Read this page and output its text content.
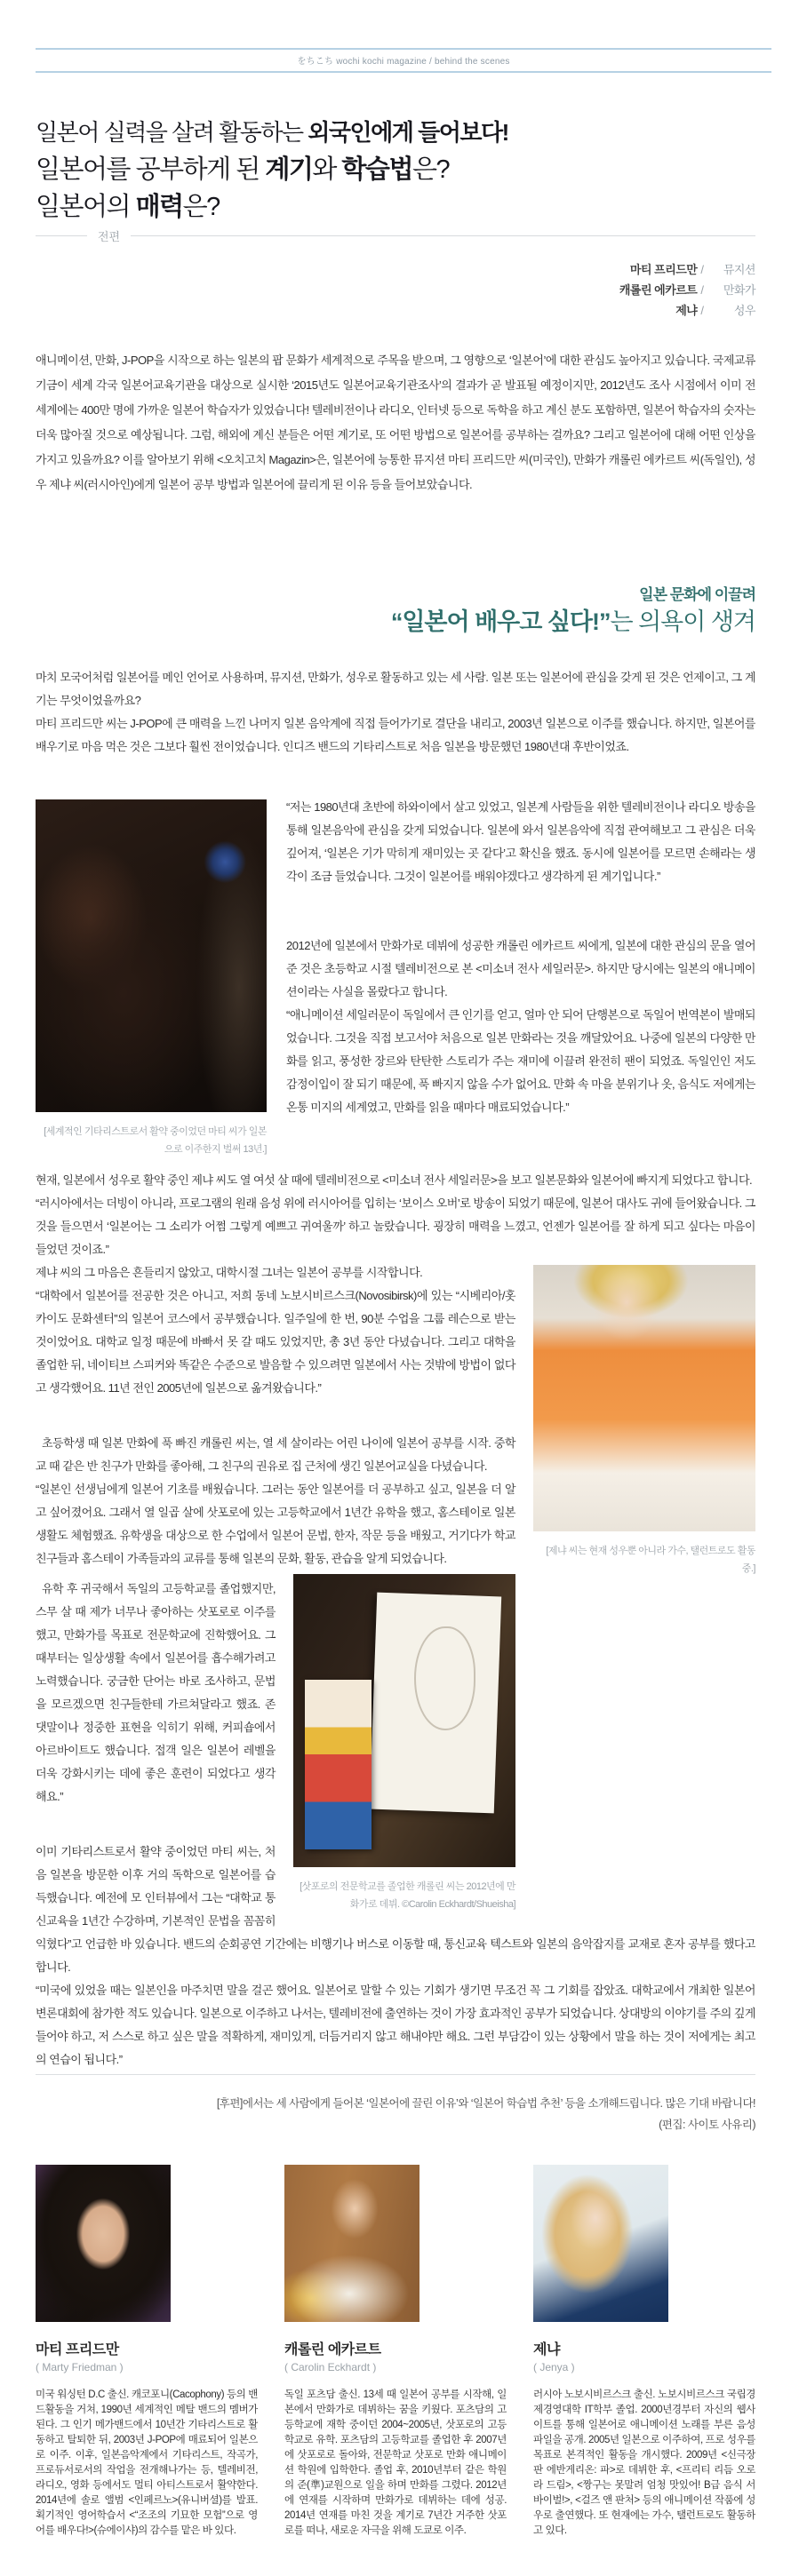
をちこち wochi kochi magazine / behind the scenes
일본어 실력을 살려 활동하는 외국인에게 들어보다!
일본어를 공부하게 된 계기와 학습법은?
일본어의 매력은?
전편
마티 프리드만 / 뮤지션
캐롤린 에카르트 / 만화가
제냐 /	성우
애니메이션, 만화, J-POP을 시작으로 하는 일본의 팝 문화가 세계적으로 주목을 받으며, 그 영향으로 ‘일본어’에 대한 관심도 높아지고 있습니다. 국제교류기금이 세계 각국 일본어교육기관을 대상으로 실시한 ‘2015년도 일본어교육기관조사’의 결과가 곧 발표될 예정이지만, 2012년도 조사 시점에서 이미 전 세계에는 400만 명에 가까운 일본어 학습자가 있었습니다! 텔레비전이나 라디오, 인터넷 등으로 독학을 하고 계신 분도 포함하면, 일본어 학습자의 숫자는 더욱 많아질 것으로 예상됩니다. 그럼, 해외에 계신 분들은 어떤 계기로, 또 어떤 방법으로 일본어를 공부하는 걸까요? 그리고 일본어에 대해 어떤 인상을 가지고 있을까요? 이를 알아보기 위해 <오치고치 Magazin>은, 일본어에 능통한 뮤지션 마티 프리드만 씨(미국인), 만화가 캐롤린 에카르트 씨(독일인), 성우 제냐 씨(러시아인)에게 일본어 공부 방법과 일본어에 끌리게 된 이유 등을 들어보았습니다.
일본 문화에 이끌려
“일본어 배우고 싶다!”는 의욕이 생겨

마치 모국어처럼 일본어를 메인 언어로 사용하며, 뮤지션, 만화가, 성우로 활동하고 있는 세 사람. 일본 또는 일본어에 관심을 갖게 된 것은 언제이고, 그 계기는 무엇이었을까요?

마티 프리드만 씨는 J-POP에 큰 매력을 느낀 나머지 일본 음악계에 직접 들어가기로 결단을 내리고, 2003년 일본으로 이주를 했습니다. 하지만, 일본어를 배우기로 마음 먹은 것은 그보다 훨씬 전이었습니다. 인디즈 밴드의 기타리스트로 처음 일본을 방문했던 1980년대 후반이었죠.

[세계적인 기타리스트로서 활약 중이었던 마티 씨가 일본으로 이주한지 벌써 13년.]

“저는 1980년대 초반에 하와이에서 살고 있었고, 일본계 사람들을 위한 텔레비전이나 라디오 방송을 통해 일본음악에 관심을 갖게 되었습니다. 일본에 와서 일본음악에 직접 관여해보고 그 관심은 더욱 깊어져, ‘일본은 기가 막히게 재미있는 곳 같다’고 확신을 했죠. 동시에 일본어를 모르면 손해라는 생각이 조금 들었습니다. 그것이 일본어를 배워야겠다고 생각하게 된 계기입니다.”

2012년에 일본에서 만화가로 데뷔에 성공한 캐롤린 에카르트 씨에게, 일본에 대한 관심의 문을 열어준 것은 초등학교 시절 텔레비전으로 본 <미소녀 전사 세일러문>. 하지만 당시에는 일본의 애니메이션이라는 사실을 몰랐다고 합니다.

“애니메이션 세일러문이 독일에서 큰 인기를 얻고, 얼마 안 되어 단행본으로 독일어 번역본이 발매되었습니다. 그것을 직접 보고서야 처음으로 일본 만화라는 것을 깨달았어요. 나중에 일본의 다양한 만화를 읽고, 풍성한 장르와 탄탄한 스토리가 주는 재미에 이끌려 완전히 팬이 되었죠. 독일인인 저도 감정이입이 잘 되기 때문에, 푹 빠지지 않을 수가 없어요. 만화 속 마을 분위기나 옷, 음식도 저에게는 온통 미지의 세계였고, 만화를 읽을 때마다 매료되었습니다.”

현재, 일본에서 성우로 활약 중인 제냐 씨도 열 여섯 살 때에 텔레비전으로 <미소녀 전사 세일러문>을 보고 일본문화와 일본어에 빠지게 되었다고 합니다.

“러시아에서는 더빙이 아니라, 프로그램의 원래 음성 위에 러시아어를 입히는 ‘보이스 오버’로 방송이 되었기 때문에, 일본어 대사도 귀에 들어왔습니다. 그것을 들으면서 ‘일본어는 그 소리가 어쩜 그렇게 예쁘고 귀여울까’ 하고 놀랐습니다. 굉장히 매력을 느꼈고, 언젠가 일본어를 잘 하게 되고 싶다는 마음이 들었던 것이죠.”

[제냐 씨는 현재 성우뿐 아니라 가수, 탤런트로도 활동 중.]

제냐 씨의 그 마음은 흔들리지 않았고, 대학시절 그녀는 일본어 공부를 시작합니다.

“대학에서 일본어를 전공한 것은 아니고, 저희 동네 노보시비르스크(Novosibirsk)에 있는 “시베리아/홋카이도 문화센터”의 일본어 코스에서 공부했습니다. 일주일에 한 번, 90분 수업을 그룹 레슨으로 받는 것이었어요. 대학교 일정 때문에 바빠서 못 갈 때도 있었지만, 총 3년 동안 다녔습니다. 그리고 대학을 졸업한 뒤, 네이티브 스피커와 똑같은 수준으로 발음할 수 있으려면 일본에서 사는 것밖에 방법이 없다고 생각했어요. 11년 전인 2005년에 일본으로 옮겨왔습니다.”

초등학생 때 일본 만화에 푹 빠진 캐롤린 씨는, 열 세 살이라는 어린 나이에 일본어 공부를 시작. 중학교 때 같은 반 친구가 만화를 좋아해, 그 친구의 권유로 집 근처에 생긴 일본어교실을 다녔습니다.

“일본인 선생님에게 일본어 기초를 배웠습니다. 그러는 동안 일본어를 더 공부하고 싶고, 일본을 더 알고 싶어졌어요. 그래서 열 일곱 살에 삿포로에 있는 고등학교에서 1년간 유학을 했고, 홈스테이로 일본생활도 체험했죠. 유학생을 대상으로 한 수업에서 일본어 문법, 한자, 작문 등을 배웠고, 거기다가 학교 친구들과 홈스테이 가족들과의 교류를 통해 일본의 문화, 활동, 관습을 알게 되었습니다.

[삿포로의 전문학교를 졸업한 캐롤린 씨는 2012년에 만화가로 데뷔. ©Carolin Eckhardt/Shueisha]

유학 후 귀국해서 독일의 고등학교를 졸업했지만, 스무 살 때 제가 너무나 좋아하는 삿포로로 이주를 했고, 만화가를 목표로 전문학교에 진학했어요. 그때부터는 일상생활 속에서 일본어를 흡수해가려고 노력했습니다. 궁금한 단어는 바로 조사하고, 문법을 모르겠으면 친구들한테 가르쳐달라고 했죠. 존댓말이나 정중한 표현을 익히기 위해, 커피숍에서 아르바이트도 했습니다. 접객 일은 일본어 레벨을 더욱 강화시키는 데에 좋은 훈련이 되었다고 생각해요.”

이미 기타리스트로서 활약 중이었던 마티 씨는, 처음 일본을 방문한 이후 거의 독학으로 일본어를 습득했습니다. 예전에 모 인터뷰에서 그는 “대학교 통신교육을 1년간 수강하며, 기본적인 문법을 꼼꼼히 익혔다”고 언급한 바 있습니다. 밴드의 순회공연 기간에는 비행기나 버스로 이동할 때, 통신교육 텍스트와 일본의 음악잡지를 교재로 혼자 공부를 했다고 합니다.

“미국에 있었을 때는 일본인을 마주치면 말을 걸곤 했어요. 일본어로 말할 수 있는 기회가 생기면 무조건 꼭 그 기회를 잡았죠. 대학교에서 개최한 일본어 변론대회에 참가한 적도 있습니다. 일본으로 이주하고 나서는, 텔레비전에 출연하는 것이 가장 효과적인 공부가 되었습니다. 상대방의 이야기를 주의 깊게 들어야 하고, 저 스스로 하고 싶은 말을 적확하게, 재미있게, 더듬거리지 않고 해내야만 해요. 그런 부담감이 있는 상황에서 말을 하는 것이 저에게는 최고의 연습이 됩니다.”

[후편]에서는 세 사람에게 들어본 ‘일본어에 끌린 이유’와 ‘일본어 학습법 추천’ 등을 소개해드립니다. 많은 기대 바랍니다!
(편집: 사이토 사유리)
마티 프리드만
( Marty Friedman )
미국 워싱턴 D.C 출신. 캐코포니(Cacophony) 등의 밴드활동을 거쳐, 1990년 세계적인 메탈 밴드의 멤버가 된다. 그 인기 메가밴드에서 10년간 기타리스트로 활동하고 탈퇴한 뒤, 2003년 J-POP에 매료되어 일본으로 이주. 이후, 일본음악계에서 기타리스트, 작곡가, 프로듀서로서의 작업을 전개해나가는 등, 텔레비전, 라디오, 영화 등에서도 멀티 아티스트로서 활약한다. 2014년에 솔로 앨범 <인페르노>(유니버셜)를 발표. 획기적인 영어학습서 <“조조의 기묘한 모험”으로 영어를 배우다!>(슈에이샤)의 감수를 맡은 바 있다.
캐롤린 에카르트
( Carolin Eckhardt )
독일 포츠담 출신. 13세 때 일본어 공부를 시작해, 일본에서 만화가로 데뷔하는 꿈을 키웠다. 포츠담의 고등학교에 재학 중이던 2004~2005년, 삿포로의 고등학교로 유학. 포츠담의 고등학교를 졸업한 후 2007년에 삿포로로 돌아와, 전문학교 삿포로 만화 애니메이션 학원에 입학한다. 졸업 후, 2010년부터 같은 학원의 준(準)교원으로 일을 하며 만화를 그렸다. 2012년에 연재를 시작하며 만화가로 데뷔하는 데에 성공. 2014년 연재를 마친 것을 계기로 7년간 거주한 삿포로를 떠나, 새로운 자극을 위해 도쿄로 이주.
제냐
( Jenya )
러시아 노보시비르스크 출신. 노보시비르스크 국립경제경영대학 IT학부 졸업. 2000년경부터 자신의 웹사이트를 통해 일본어로 애니메이션 노래를 부른 음성파일을 공개. 2005년 일본으로 이주하여, 프로 성우를 목표로 본격적인 활동을 개시했다. 2009년 <신극장판 에반게리온: 파>로 데뷔한 후, <프리티 리듬 오로라 드림>, <짱구는 못말려 엄청 맛있어! B급 음식 서바이벌!>, <걸즈 앤 판처> 등의 애니메이션 작품에 성우로 출연했다. 또 현재에는 가수, 탤런트로도 활동하고 있다.
